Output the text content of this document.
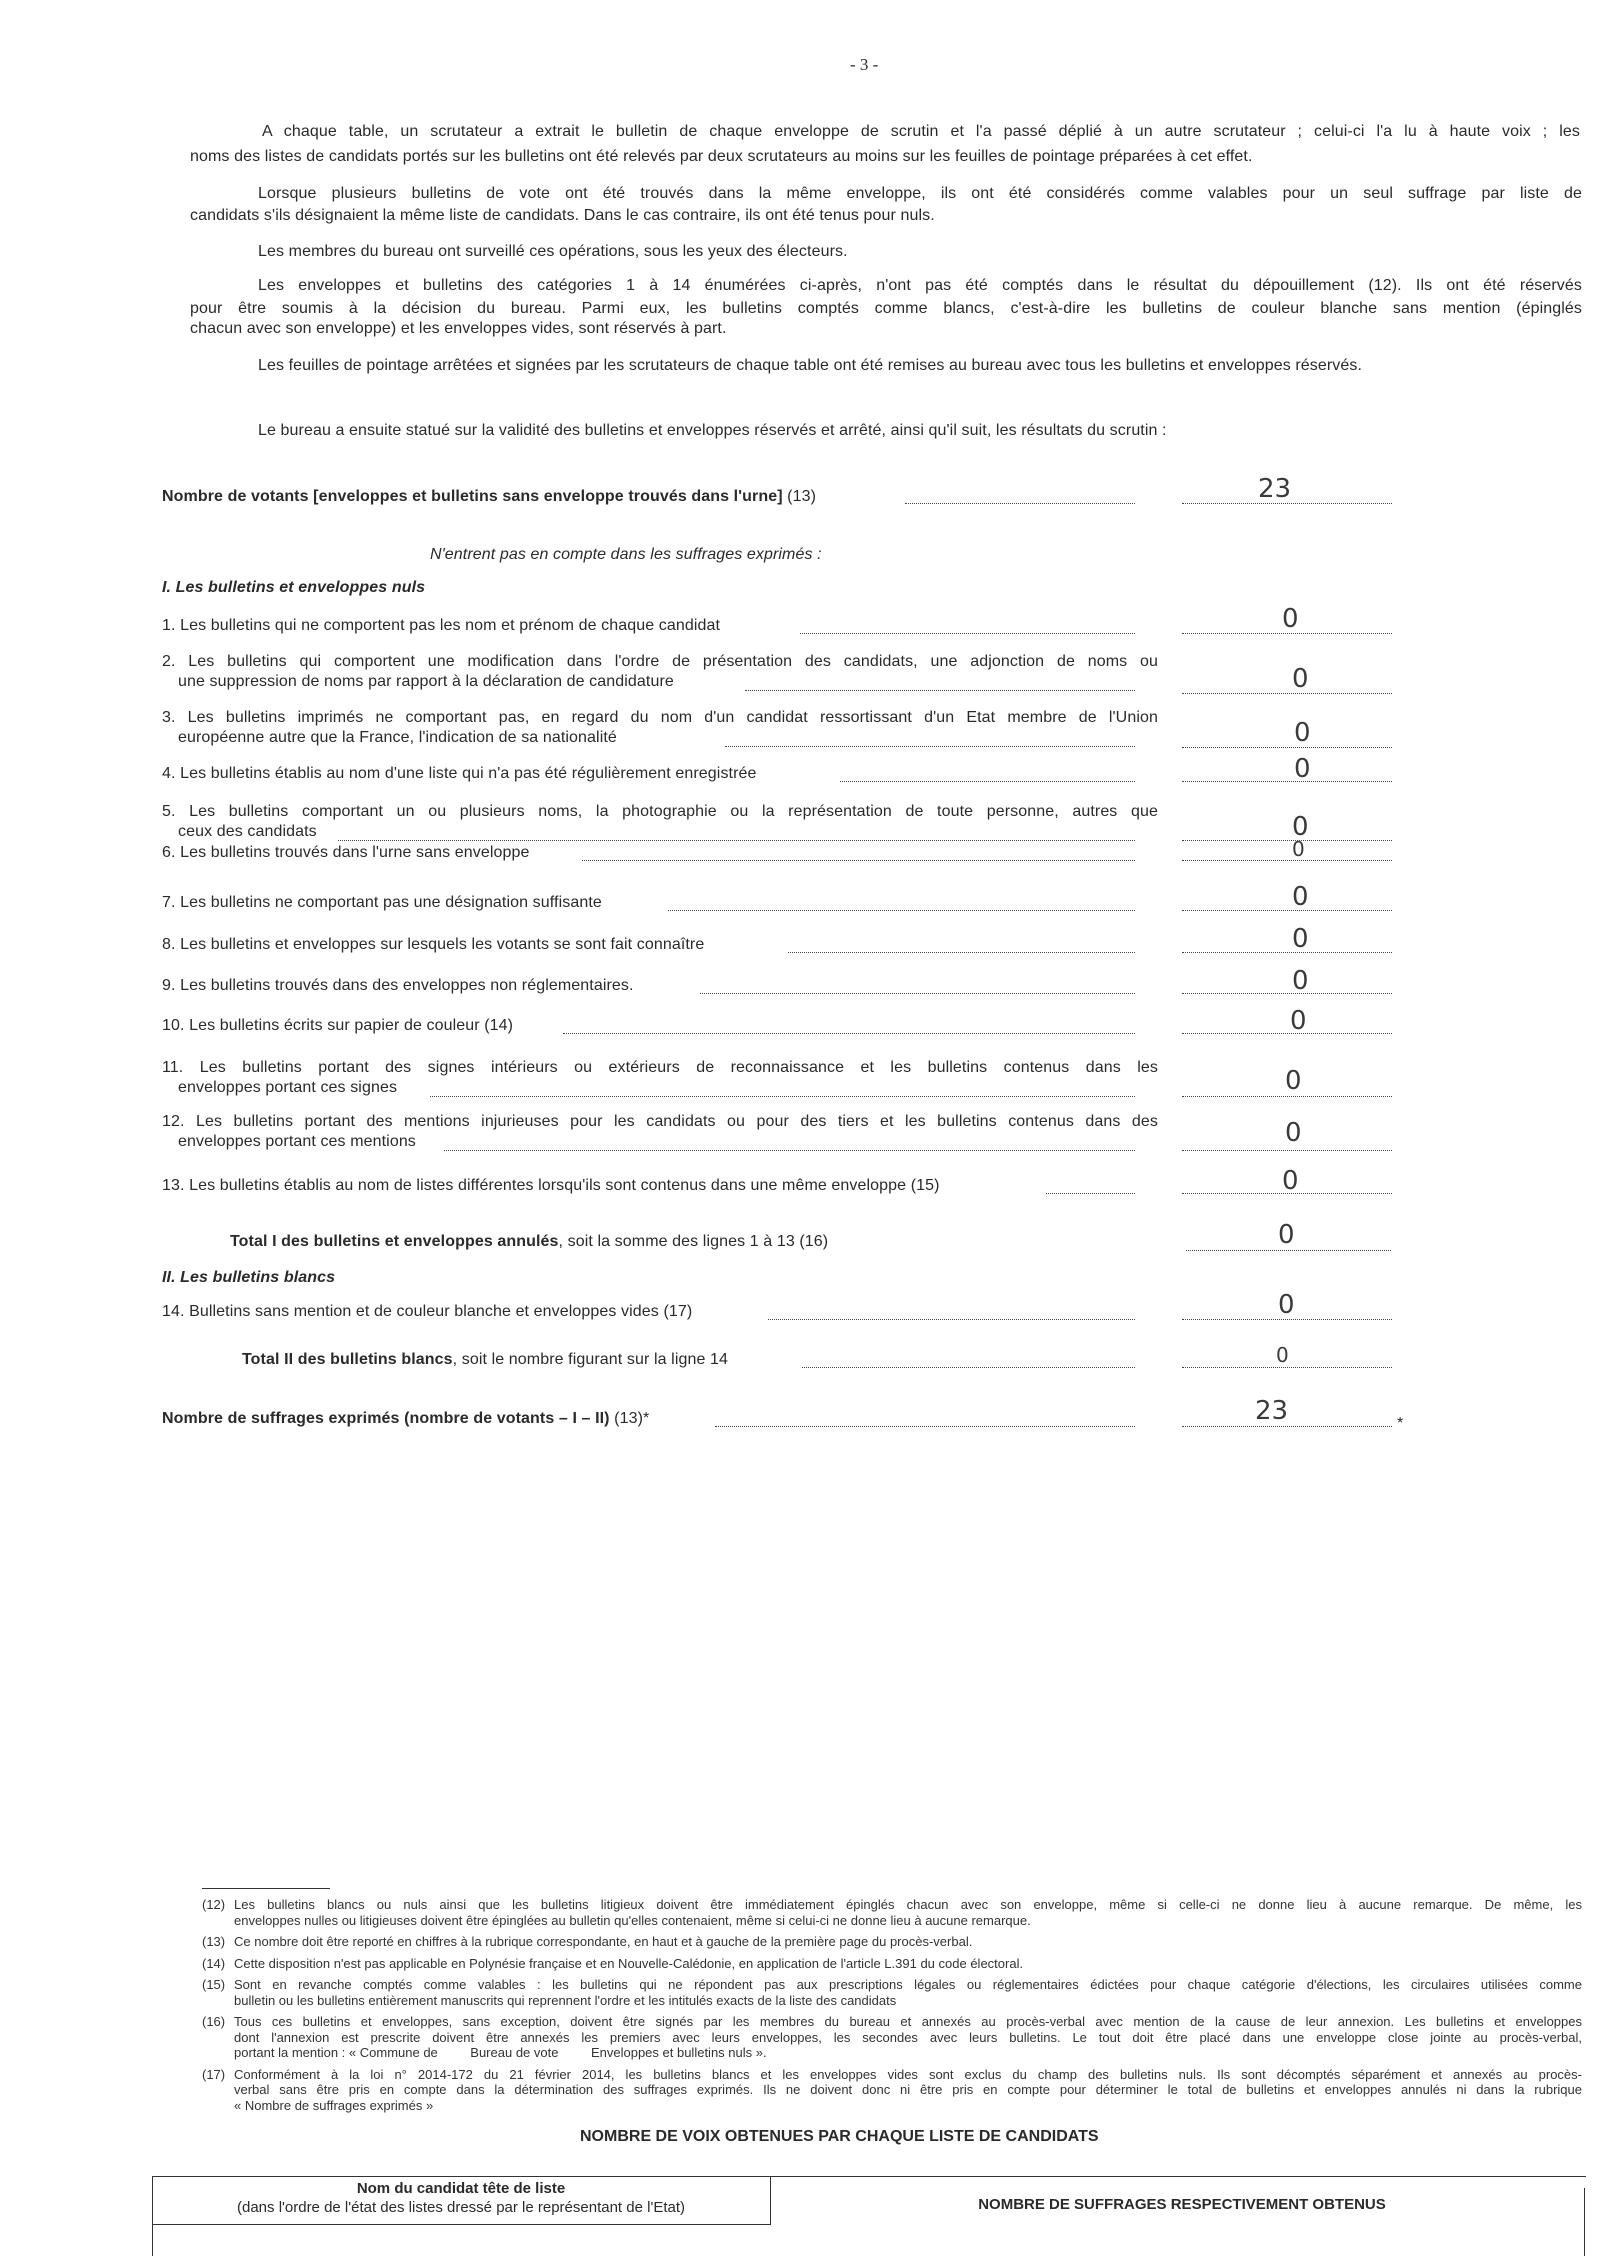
- 3 -
A chaque table, un scrutateur a extrait le bulletin de chaque enveloppe de scrutin et l'a passé déplié à un autre scrutateur ; celui-ci l'a lu à haute voix ; les
noms des listes de candidats portés sur les bulletins ont été relevés par deux scrutateurs au moins sur les feuilles de pointage préparées à cet effet.
Lorsque plusieurs bulletins de vote ont été trouvés dans la même enveloppe, ils ont été considérés comme valables pour un seul suffrage par liste de
candidats s'ils désignaient la même liste de candidats. Dans le cas contraire, ils ont été tenus pour nuls.
Les membres du bureau ont surveillé ces opérations, sous les yeux des électeurs.
Les enveloppes et bulletins des catégories 1 à 14 énumérées ci-après, n'ont pas été comptés dans le résultat du dépouillement (12). Ils ont été réservés
pour être soumis à la décision du bureau. Parmi eux, les bulletins comptés comme blancs, c'est-à-dire les bulletins de couleur blanche sans mention (épinglés
chacun avec son enveloppe) et les enveloppes vides, sont réservés à part.
Les feuilles de pointage arrêtées et signées par les scrutateurs de chaque table ont été remises au bureau avec tous les bulletins et enveloppes réservés.
Le bureau a ensuite statué sur la validité des bulletins et enveloppes réservés et arrêté, ainsi qu'il suit, les résultats du scrutin :
Nombre de votants [enveloppes et bulletins sans enveloppe trouvés dans l'urne] (13)	23
N'entrent pas en compte dans les suffrages exprimés :
I. Les bulletins et enveloppes nuls
1. Les bulletins qui ne comportent pas les nom et prénom de chaque candidat	0
2. Les bulletins qui comportent une modification dans l'ordre de présentation des candidats, une adjonction de noms ou
une suppression de noms par rapport à la déclaration de candidature	0
3. Les bulletins imprimés ne comportant pas, en regard du nom d'un candidat ressortissant d'un Etat membre de l'Union
européenne autre que la France, l'indication de sa nationalité	0
4. Les bulletins établis au nom d'une liste qui n'a pas été régulièrement enregistrée	0
5. Les bulletins comportant un ou plusieurs noms, la photographie ou la représentation de toute personne, autres que
ceux des candidats	0
6. Les bulletins trouvés dans l'urne sans enveloppe	0
7. Les bulletins ne comportant pas une désignation suffisante	0
8. Les bulletins et enveloppes sur lesquels les votants se sont fait connaître	0
9. Les bulletins trouvés dans des enveloppes non réglementaires.	0
10. Les bulletins écrits sur papier de couleur (14)	0
11. Les bulletins portant des signes intérieurs ou extérieurs de reconnaissance et les bulletins contenus dans les
enveloppes portant ces signes	0
12. Les bulletins portant des mentions injurieuses pour les candidats ou pour des tiers et les bulletins contenus dans des
enveloppes portant ces mentions	0
13. Les bulletins établis au nom de listes différentes lorsqu'ils sont contenus dans une même enveloppe (15)	0
Total I des bulletins et enveloppes annulés, soit la somme des lignes 1 à 13 (16)	0
II. Les bulletins blancs
14. Bulletins sans mention et de couleur blanche et enveloppes vides (17)	0
Total II des bulletins blancs, soit le nombre figurant sur la ligne 14	0
Nombre de suffrages exprimés (nombre de votants – I – II) (13)*	23	*
(12) Les bulletins blancs ou nuls ainsi que les bulletins litigieux doivent être immédiatement épinglés chacun avec son enveloppe, même si celle-ci ne donne lieu à aucune remarque. De même, les
enveloppes nulles ou litigieuses doivent être épinglées au bulletin qu'elles contenaient, même si celui-ci ne donne lieu à aucune remarque.
(13) Ce nombre doit être reporté en chiffres à la rubrique correspondante, en haut et à gauche de la première page du procès-verbal.
(14) Cette disposition n'est pas applicable en Polynésie française et en Nouvelle-Calédonie, en application de l'article L.391 du code électoral.
(15) Sont en revanche comptés comme valables : les bulletins qui ne répondent pas aux prescriptions légales ou réglementaires édictées pour chaque catégorie d'élections, les circulaires utilisées comme
bulletin ou les bulletins entièrement manuscrits qui reprennent l'ordre et les intitulés exacts de la liste des candidats
(16) Tous ces bulletins et enveloppes, sans exception, doivent être signés par les membres du bureau et annexés au procès-verbal avec mention de la cause de leur annexion. Les bulletins et enveloppes
dont l'annexion est prescrite doivent être annexés les premiers avec leurs enveloppes, les secondes avec leurs bulletins. Le tout doit être placé dans une enveloppe close jointe au procès-verbal,
portant la mention : « Commune de         Bureau de vote         Enveloppes et bulletins nuls ».
(17) Conformément à la loi n° 2014-172 du 21 février 2014, les bulletins blancs et les enveloppes vides sont exclus du champ des bulletins nuls. Ils sont décomptés séparément et annexés au procès-
verbal sans être pris en compte dans la détermination des suffrages exprimés. Ils ne doivent donc ni être pris en compte pour déterminer le total de bulletins et enveloppes annulés ni dans la rubrique
« Nombre de suffrages exprimés »
NOMBRE DE VOIX OBTENUES PAR CHAQUE LISTE DE CANDIDATS
Nom du candidat tête de liste
(dans l'ordre de l'état des listes dressé par le représentant de l'Etat)	NOMBRE DE SUFFRAGES RESPECTIVEMENT OBTENUS
